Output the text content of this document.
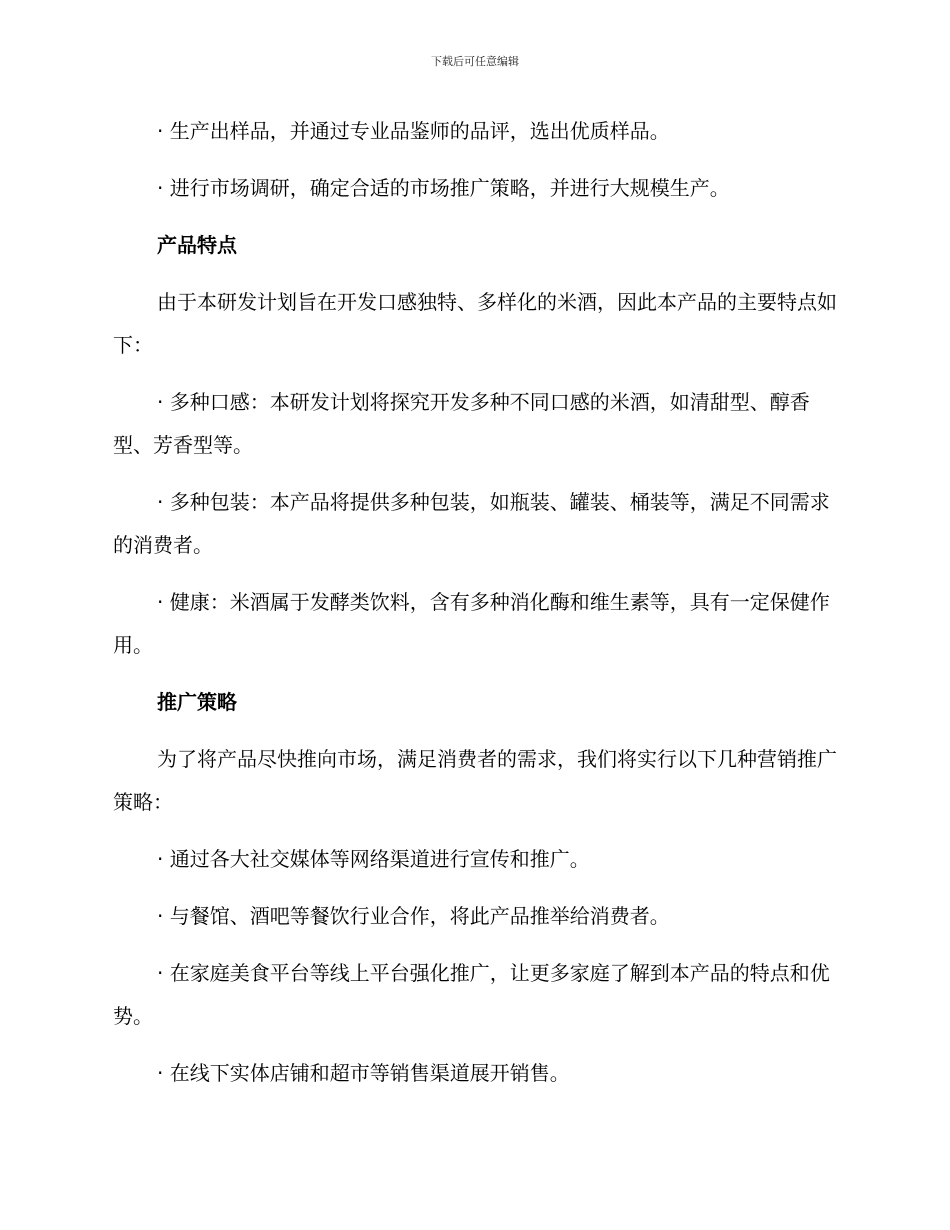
下载后可任意编辑

· 生产出样品，并通过专业品鉴师的品评，选出优质样品。

· 进行市场调研，确定合适的市场推广策略，并进行大规模生产。

产品特点

由于本研发计划旨在开发口感独特、多样化的米酒，因此本产品的主要特点如下：

· 多种口感：本研发计划将探究开发多种不同口感的米酒，如清甜型、醇香型、芳香型等。

· 多种包装：本产品将提供多种包装，如瓶装、罐装、桶装等，满足不同需求的消费者。

· 健康：米酒属于发酵类饮料，含有多种消化酶和维生素等，具有一定保健作用。

推广策略

为了将产品尽快推向市场，满足消费者的需求，我们将实行以下几种营销推广策略：

· 通过各大社交媒体等网络渠道进行宣传和推广。

· 与餐馆、酒吧等餐饮行业合作，将此产品推举给消费者。

· 在家庭美食平台等线上平台强化推广，让更多家庭了解到本产品的特点和优势。

· 在线下实体店铺和超市等销售渠道展开销售。
